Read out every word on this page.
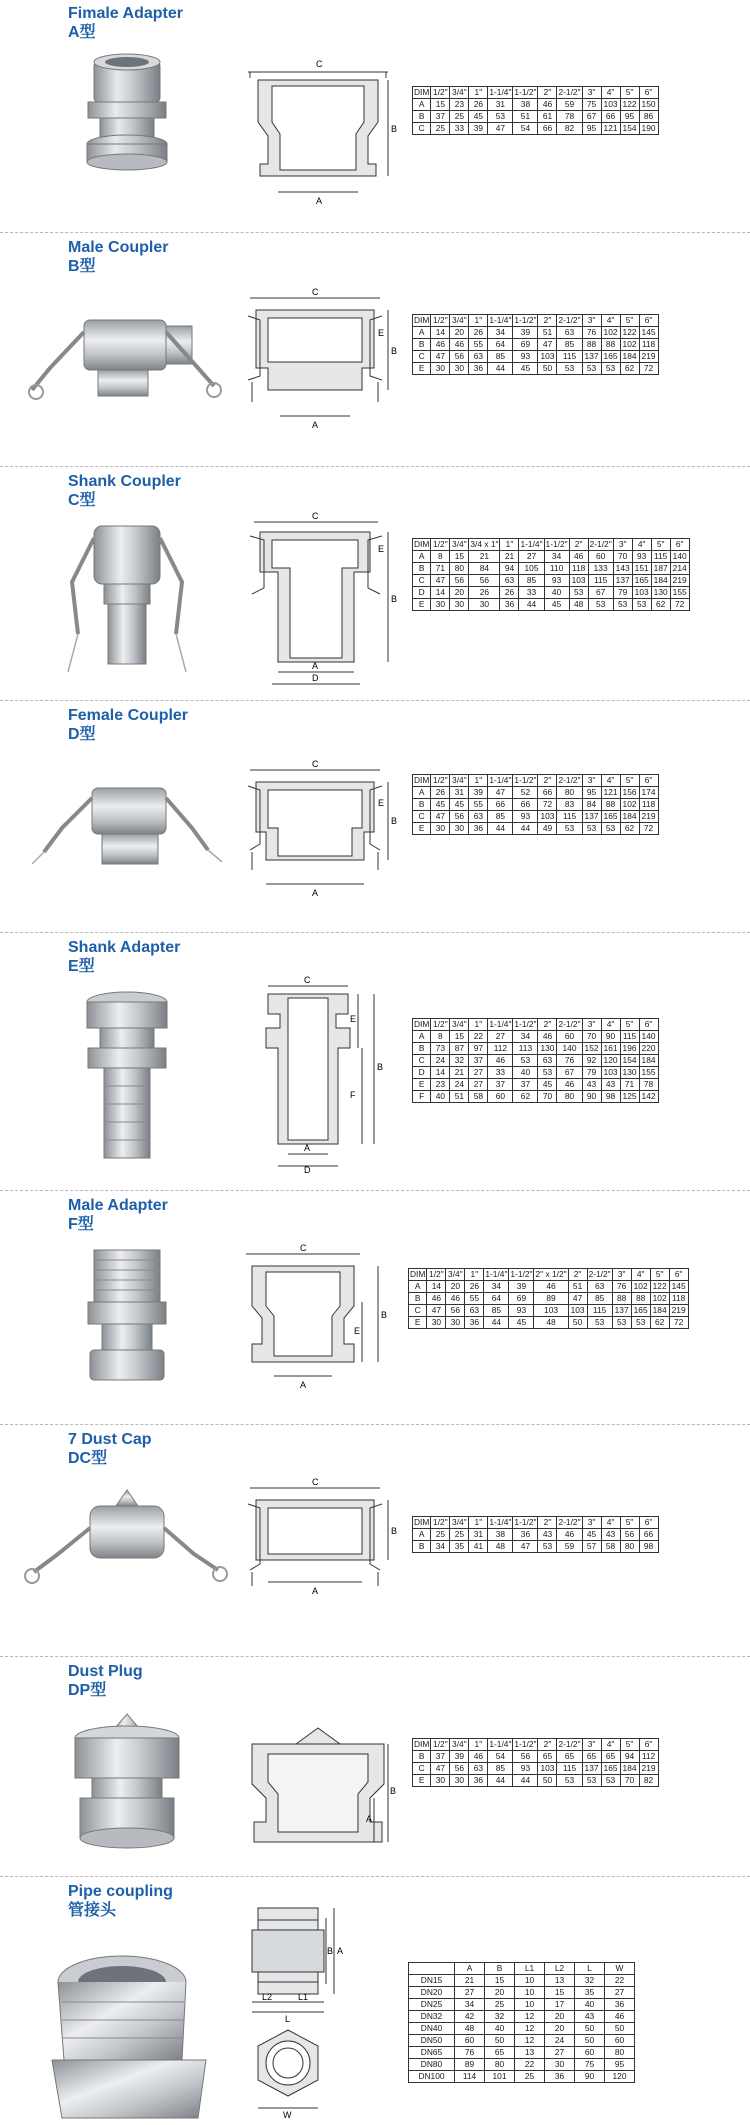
Fimale Adapter
A型
C
B
A
DIM	1/2"	3/4"	1"	1-1/4"	1-1/2"	2"	2-1/2"	3"	4"	5"	6"
A	15	23	26	31	38	46	59	75	103	122	150
B	37	25	45	53	51	61	78	67	66	95	86
C	25	33	39	47	54	66	82	95	121	154	190
Male Coupler
B型
C
E
B
A
DIM	1/2"	3/4"	1"	1-1/4"	1-1/2"	2"	2-1/2"	3"	4"	5"	6"
A	14	20	26	34	39	51	63	76	102	122	145
B	46	46	55	64	69	47	85	88	88	102	118
C	47	56	63	85	93	103	115	137	165	184	219
E	30	30	36	44	45	50	53	53	53	62	72
Shank Coupler
C型
C
E
B
A
D
DIM	1/2"	3/4"	3/4 x 1"	1"	1-1/4"	1-1/2"	2"	2-1/2"	3"	4"	5"	6"
A	8	15	21	21	27	34	46	60	70	93	115	140
B	71	80	84	94	105	110	118	133	143	151	187	214
C	47	56	56	63	85	93	103	115	137	165	184	219
D	14	20	26	26	33	40	53	67	79	103	130	155
E	30	30	30	36	44	45	48	53	53	53	62	72
Female Coupler
D型
C
E
B
A
DIM	1/2"	3/4"	1"	1-1/4"	1-1/2"	2"	2-1/2"	3"	4"	5"	6"
A	26	31	39	47	52	66	80	95	121	156	174
B	45	45	55	66	66	72	83	84	88	102	118
C	47	56	63	85	93	103	115	137	165	184	219
E	30	30	36	44	44	49	53	53	53	62	72
Shank Adapter
E型
C
E
B
F
A
D
DIM	1/2"	3/4"	1"	1-1/4"	1-1/2"	2"	2-1/2"	3"	4"	5"	6"
A	8	15	22	27	34	46	60	70	90	115	140
B	73	87	97	112	113	130	140	152	161	196	220
C	24	32	37	46	53	63	76	92	120	154	184
D	14	21	27	33	40	53	67	79	103	130	155
E	23	24	27	37	37	45	46	43	43	71	78
F	40	51	58	60	62	70	80	90	98	125	142
Male Adapter
F型
C
E
B
A
DIM	1/2"	3/4"	1"	1-1/4"	1-1/2"	2" x 1/2"	2"	2-1/2"	3"	4"	5"	6"
A	14	20	26	34	39	46	51	63	76	102	122	145
B	46	46	55	64	69	89	47	85	88	88	102	118
C	47	56	63	85	93	103	103	115	137	165	184	219
E	30	30	36	44	45	48	50	53	53	53	62	72
7 Dust Cap
DC型
C
B
A
DIM	1/2"	3/4"	1"	1-1/4"	1-1/2"	2"	2-1/2"	3"	4"	5"	6"
A	25	25	31	38	36	43	46	45	43	56	66
B	34	35	41	48	47	53	59	57	58	80	98
Dust Plug
DP型
A
B
DIM	1/2"	3/4"	1"	1-1/4"	1-1/2"	2"	2-1/2"	3"	4"	5"	6"
B	37	39	46	54	56	65	65	65	65	94	112
C	47	56	63	85	93	103	115	137	165	184	219
E	30	30	36	44	44	50	53	53	53	70	82
Pipe coupling
管接头
B A
L2	L1
L
W
	A	B	L1	L2	L	W
DN15	21	15	10	13	32	22
DN20	27	20	10	15	35	27
DN25	34	25	10	17	40	36
DN32	42	32	12	20	43	46
DN40	48	40	12	20	50	50
DN50	60	50	12	24	50	60
DN65	76	65	13	27	60	80
DN80	89	80	22	30	75	95
DN100	114	101	25	36	90	120
